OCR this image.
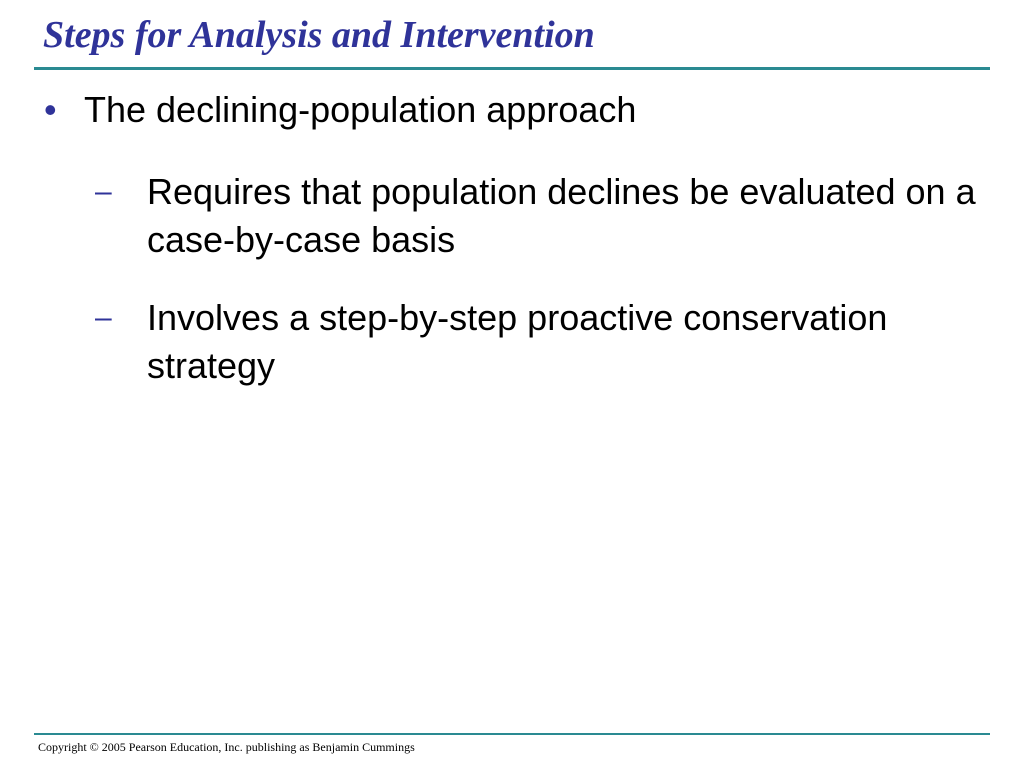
Steps for Analysis and Intervention
• The declining-population approach
– Requires that population declines be evaluated on a case-by-case basis
– Involves a step-by-step proactive conservation strategy
Copyright © 2005 Pearson Education, Inc. publishing as Benjamin Cummings
